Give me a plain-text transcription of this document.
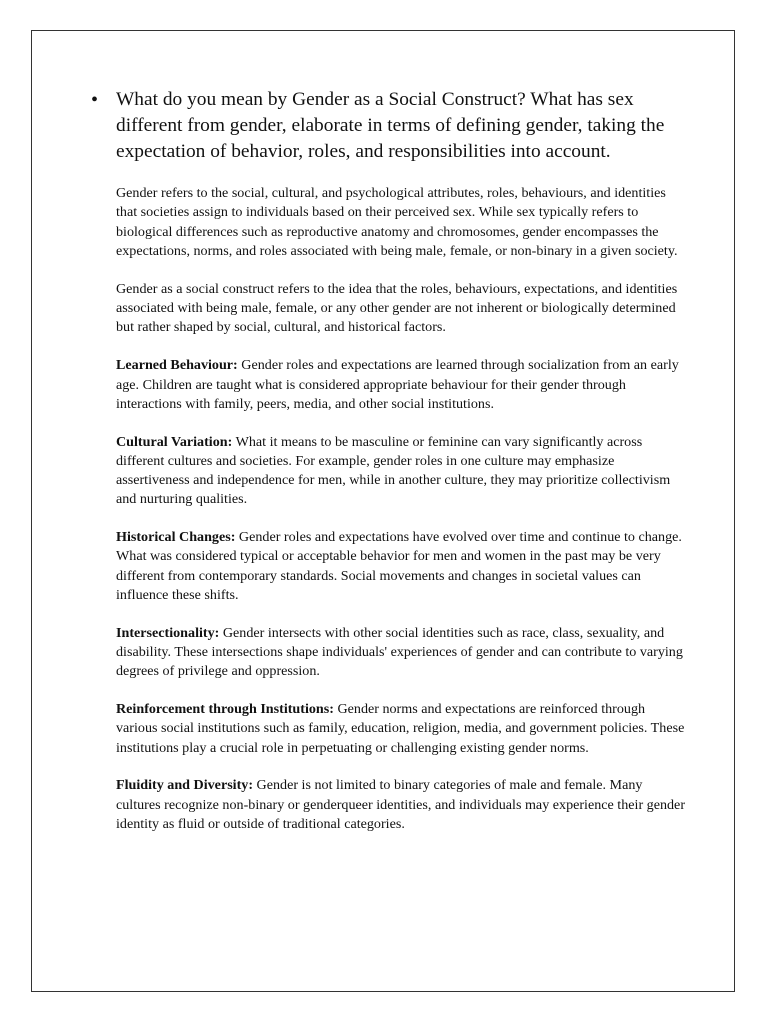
• What do you mean by Gender as a Social Construct? What has sex different from gender, elaborate in terms of defining gender, taking the expectation of behavior, roles, and responsibilities into account.

Gender refers to the social, cultural, and psychological attributes, roles, behaviours, and identities that societies assign to individuals based on their perceived sex. While sex typically refers to biological differences such as reproductive anatomy and chromosomes, gender encompasses the expectations, norms, and roles associated with being male, female, or non-binary in a given society.

Gender as a social construct refers to the idea that the roles, behaviours, expectations, and identities associated with being male, female, or any other gender are not inherent or biologically determined but rather shaped by social, cultural, and historical factors.

Learned Behaviour: Gender roles and expectations are learned through socialization from an early age. Children are taught what is considered appropriate behaviour for their gender through interactions with family, peers, media, and other social institutions.

Cultural Variation: What it means to be masculine or feminine can vary significantly across different cultures and societies. For example, gender roles in one culture may emphasize assertiveness and independence for men, while in another culture, they may prioritize collectivism and nurturing qualities.

Historical Changes: Gender roles and expectations have evolved over time and continue to change. What was considered typical or acceptable behavior for men and women in the past may be very different from contemporary standards. Social movements and changes in societal values can influence these shifts.

Intersectionality: Gender intersects with other social identities such as race, class, sexuality, and disability. These intersections shape individuals' experiences of gender and can contribute to varying degrees of privilege and oppression.

Reinforcement through Institutions: Gender norms and expectations are reinforced through various social institutions such as family, education, religion, media, and government policies. These institutions play a crucial role in perpetuating or challenging existing gender norms.

Fluidity and Diversity: Gender is not limited to binary categories of male and female. Many cultures recognize non-binary or genderqueer identities, and individuals may experience their gender identity as fluid or outside of traditional categories.
